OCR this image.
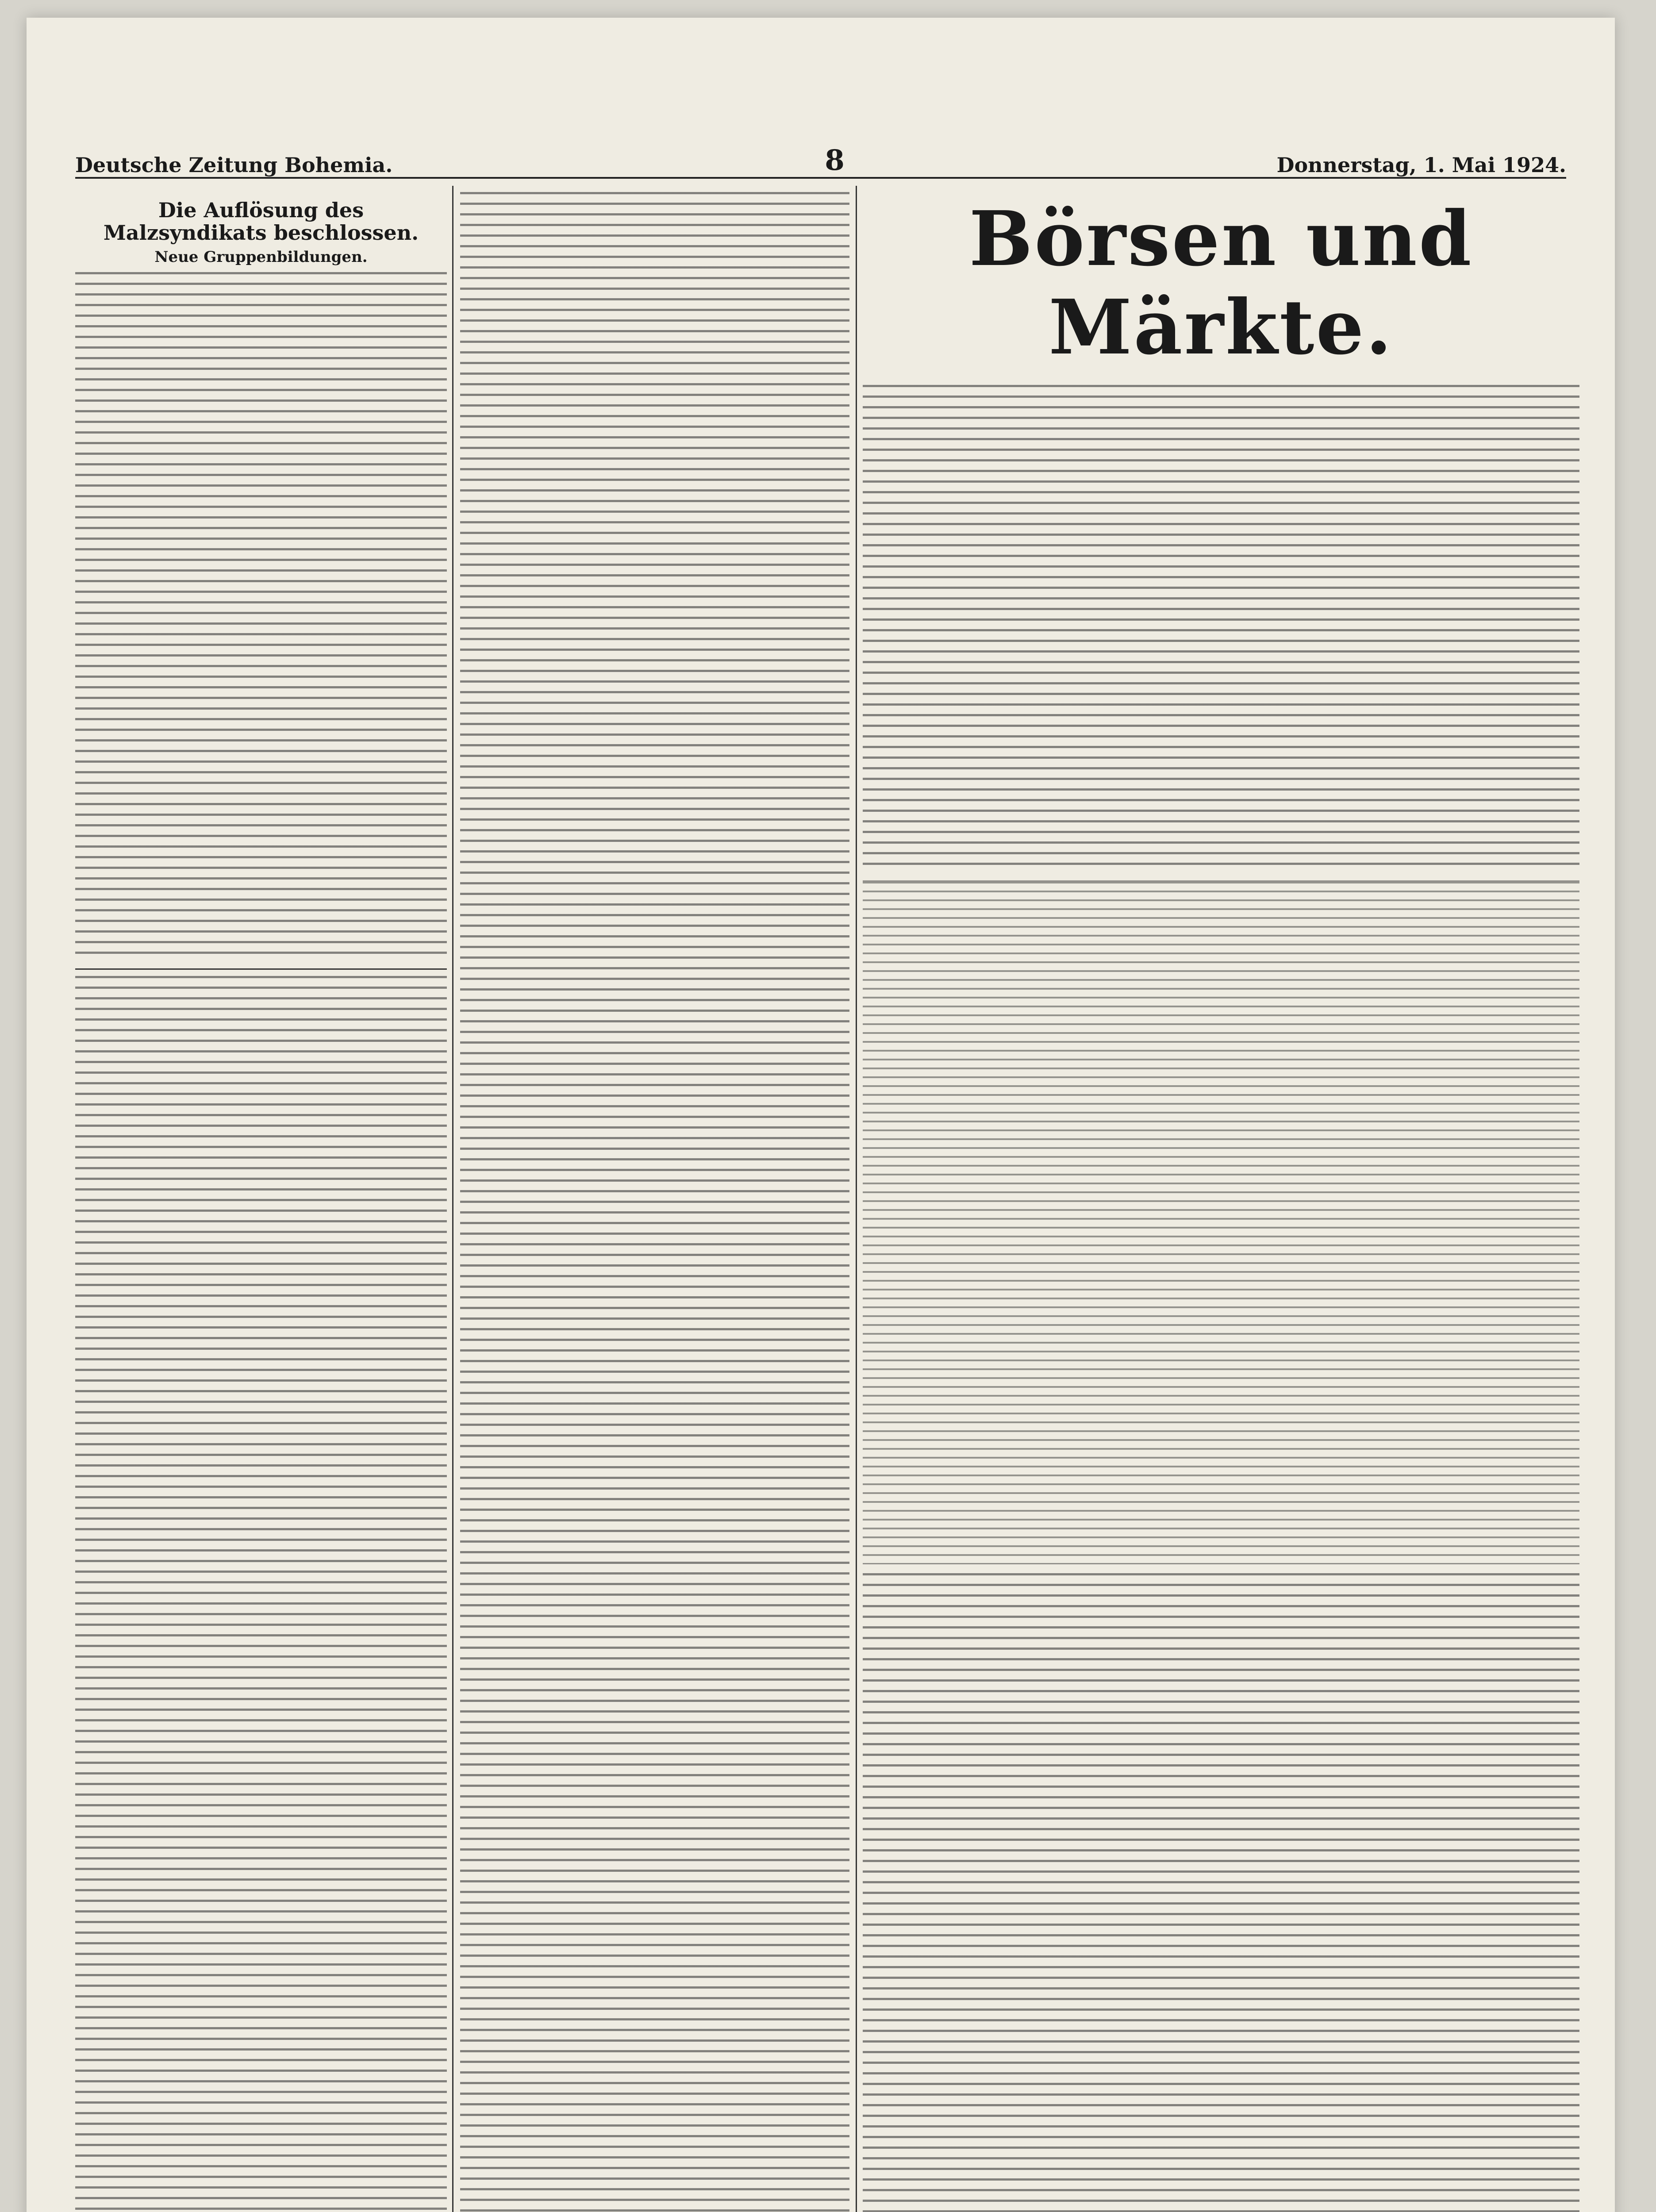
Deutsche Zeitung Bohemia.	8	Donnerstag, 1. Mai 1924.
Die Auflösung des Malzsyndikats beschlossen.
Neue Gruppenbildungen.	Börsen und Märkte.
